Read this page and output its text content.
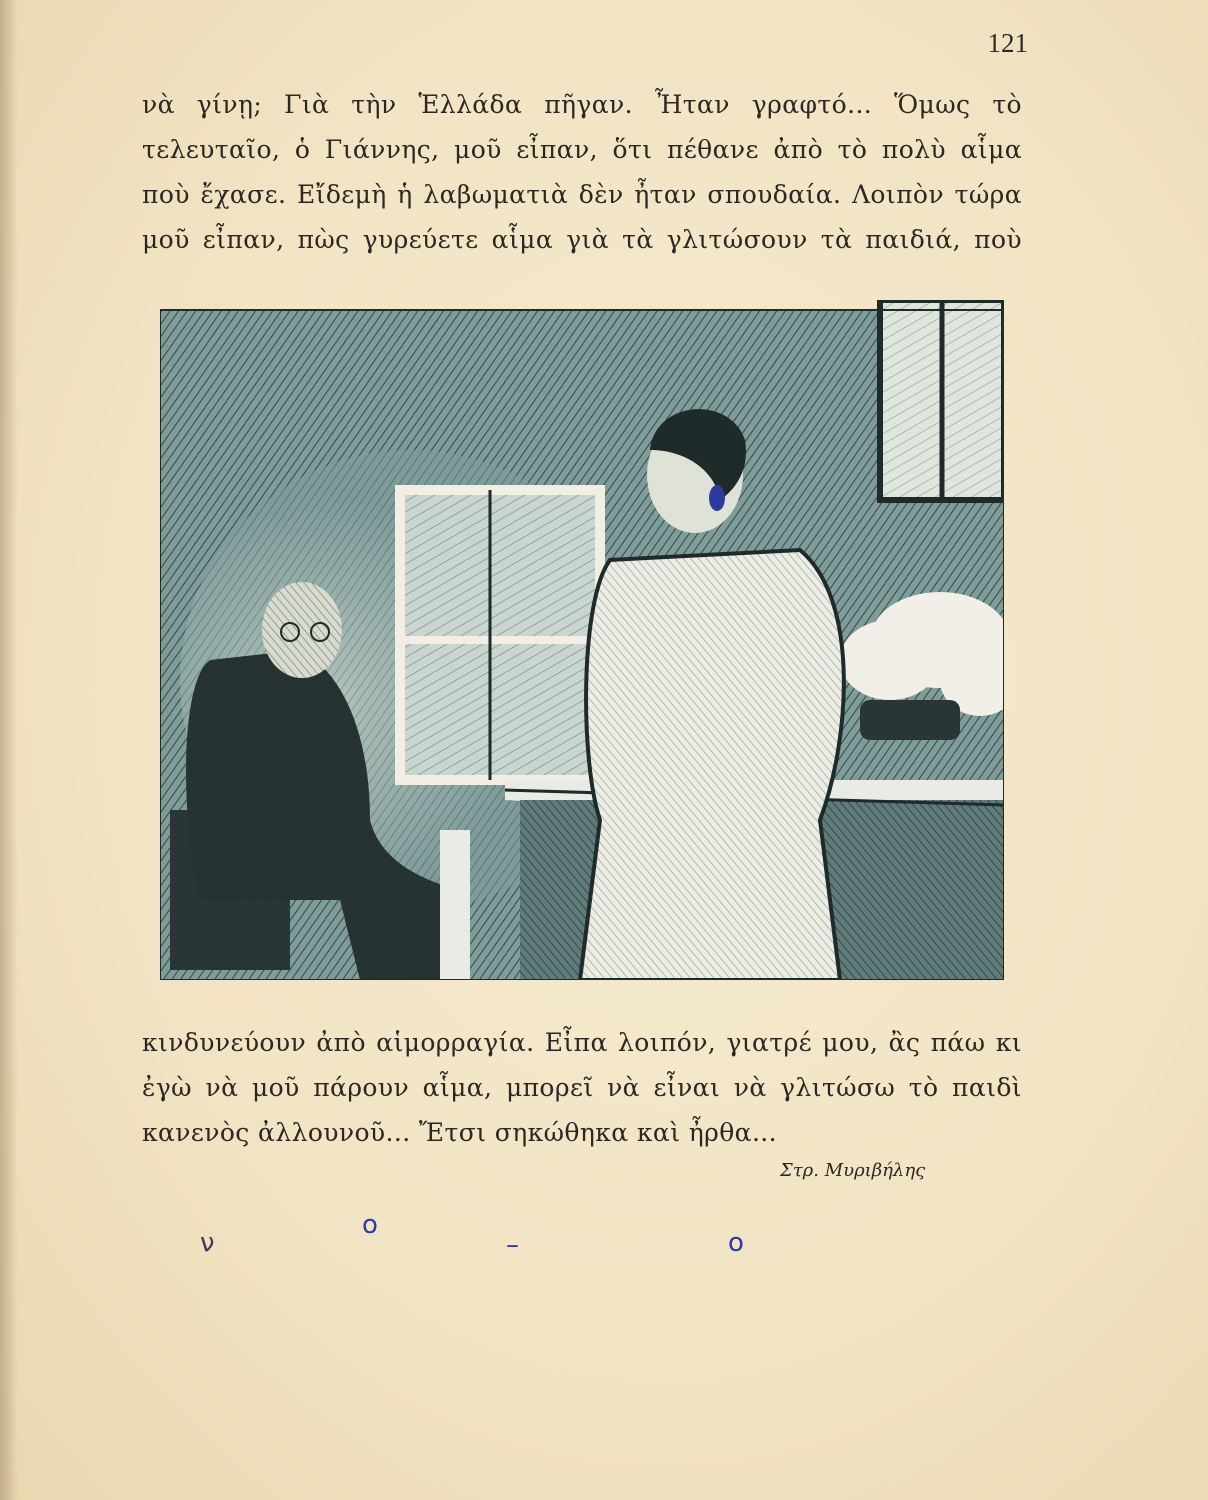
121
νὰ γίνῃ; Γιὰ τὴν Ἑλλάδα πῆγαν. Ἦταν γραφτό... Ὅμως τὸ
τελευταῖο, ὁ Γιάννης, μοῦ εἶπαν, ὅτι πέθανε ἀπὸ τὸ πολὺ αἷμα
ποὺ ἔχασε. Εἴδεμὴ ἡ λαβωματιὰ δὲν ἦταν σπουδαία. Λοιπὸν τώρα
μοῦ εἶπαν, πὼς γυρεύετε αἷμα γιὰ τὰ γλιτώσουν τὰ παιδιά, ποὺ
κινδυνεύουν ἀπὸ αἱμορραγία. Εἶπα λοιπόν, γιατρέ μου, ἂς πάω κι
ἐγὼ νὰ μοῦ πάρουν αἷμα, μπορεῖ νὰ εἶναι νὰ γλιτώσω τὸ παιδὶ
κανενὸς ἀλλουνοῦ... Ἔτσι σηκώθηκα καὶ ἦρθα...
Στρ. Μυριβήλης
ν
o
–	o
